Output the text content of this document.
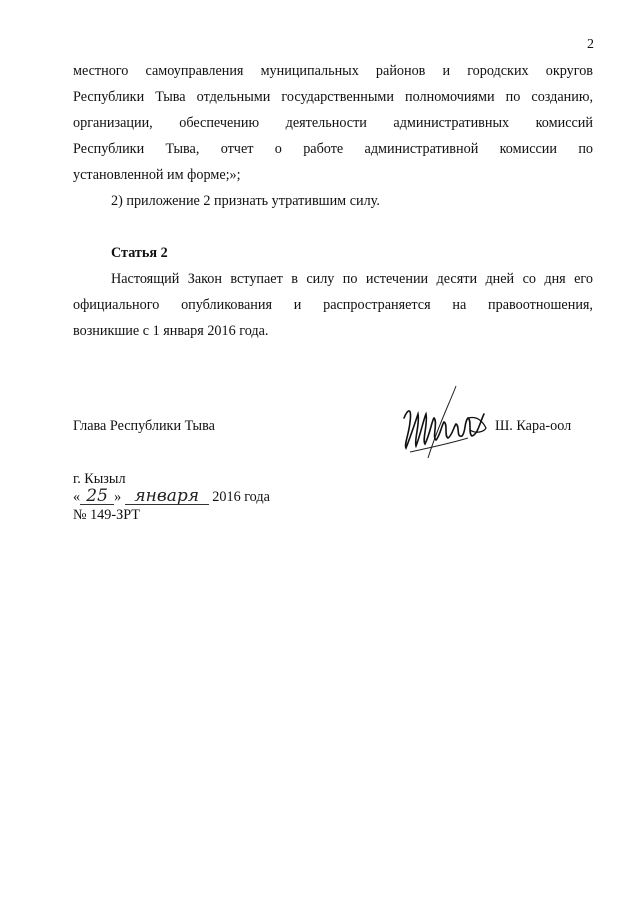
2
местного самоуправления муниципальных районов и городских округов
Республики Тыва отдельными государственными полномочиями по созданию,
организации, обеспечению деятельности административных комиссий
Республики Тыва, отчет о работе административной комиссии по
установленной им форме;»;
2) приложение 2 признать утратившим силу.
Статья 2
Настоящий Закон вступает в силу по истечении десяти дней со дня его
официального опубликования и распространяется на правоотношения,
возникшие с 1 января 2016 года.
Глава Республики Тыва	Ш. Кара-оол
г. Кызыл
« 25 » января 2016 года
№ 149-ЗРТ
